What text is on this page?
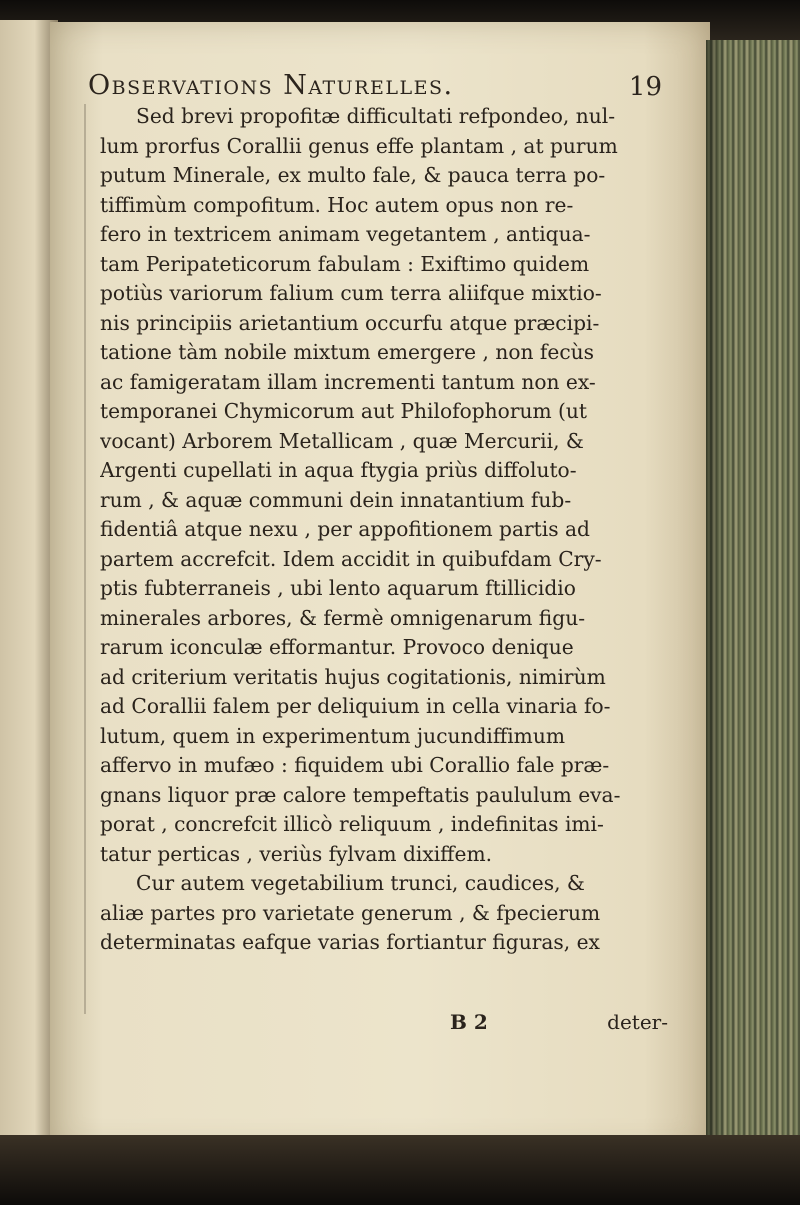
Observations Naturelles.	19
Sed brevi propofitæ difficultati refpondeo, nul-
lum prorfus Corallii genus effe plantam , at purum
putum Minerale, ex multo fale, & pauca terra po-
tiffimùm compofitum. Hoc autem opus non re-
fero in textricem animam vegetantem , antiqua-
tam Peripateticorum fabulam : Exiftimo quidem
potiùs variorum falium cum terra aliifque mixtio-
nis principiis arietantium occurfu atque præcipi-
tatione tàm nobile mixtum emergere , non fecùs
ac famigeratam illam incrementi tantum non ex-
temporanei Chymicorum aut Philofophorum (ut
vocant) Arborem Metallicam , quæ Mercurii, &
Argenti cupellati in aqua ftygia priùs diffoluto-
rum , & aquæ communi dein innatantium fub-
fidentiâ atque nexu , per appofitionem partis ad
partem accrefcit. Idem accidit in quibufdam Cry-
ptis fubterraneis , ubi lento aquarum ftillicidio
minerales arbores, & fermè omnigenarum figu-
rarum iconculæ efformantur. Provoco denique
ad criterium veritatis hujus cogitationis, nimirùm
ad Corallii falem per deliquium in cella vinaria fo-
lutum, quem in experimentum jucundiffimum
affervo in mufæo : fiquidem ubi Corallio fale præ-
gnans liquor præ calore tempeftatis paululum eva-
porat , concrefcit illicò reliquum , indefinitas imi-
tatur perticas , veriùs fylvam dixiffem.
Cur autem vegetabilium trunci, caudices, &
aliæ partes pro varietate generum , & fpecierum
determinatas eafque varias fortiantur figuras, ex
B 2	deter-
